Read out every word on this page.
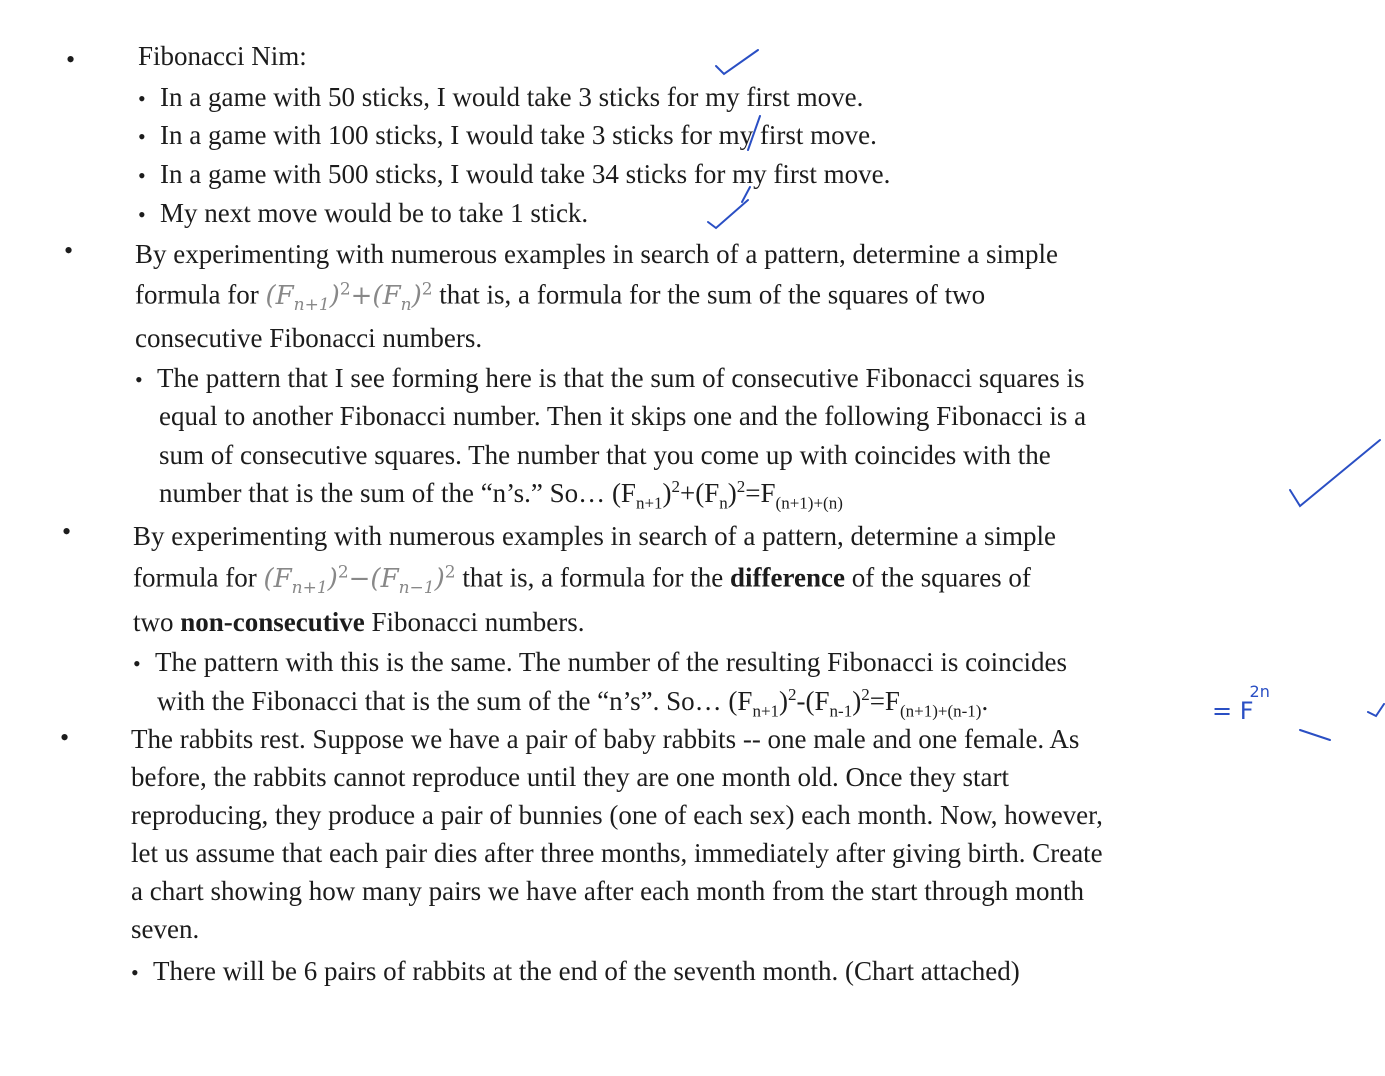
• Fibonacci Nim:
• In a game with 50 sticks, I would take 3 sticks for my first move.
• In a game with 100 sticks, I would take 3 sticks for my first move.
• In a game with 500 sticks, I would take 34 sticks for my first move.
• My next move would be to take 1 stick.
• By experimenting with numerous examples in search of a pattern, determine a simple
formula for $(F_{n+1})^2+(F_n)^2$ that is, a formula for the sum of the squares of two
consecutive Fibonacci numbers.
• The pattern that I see forming here is that the sum of consecutive Fibonacci squares is
equal to another Fibonacci number. Then it skips one and the following Fibonacci is a
sum of consecutive squares. The number that you come up with coincides with the
number that is the sum of the “n’s.” So… $(F_{n+1})^2+(F_n)^2=F_{(n+1)+(n)}$
• By experimenting with numerous examples in search of a pattern, determine a simple
formula for $(F_{n+1})^2-(F_{n-1})^2$ that is, a formula for the difference of the squares of
two non-consecutive Fibonacci numbers.
• The pattern with this is the same. The number of the resulting Fibonacci is coincides
with the Fibonacci that is the sum of the “n’s”. So… $(F_{n+1})^2-(F_{n-1})^2=F_{(n+1)+(n-1)}$.
• The rabbits rest. Suppose we have a pair of baby rabbits -- one male and one female. As
before, the rabbits cannot reproduce until they are one month old. Once they start
reproducing, they produce a pair of bunnies (one of each sex) each month. Now, however,
let us assume that each pair dies after three months, immediately after giving birth. Create
a chart showing how many pairs we have after each month from the start through month
seven.
• There will be 6 pairs of rabbits at the end of the seventh month. (Chart attached)
= $F_{2n}$
